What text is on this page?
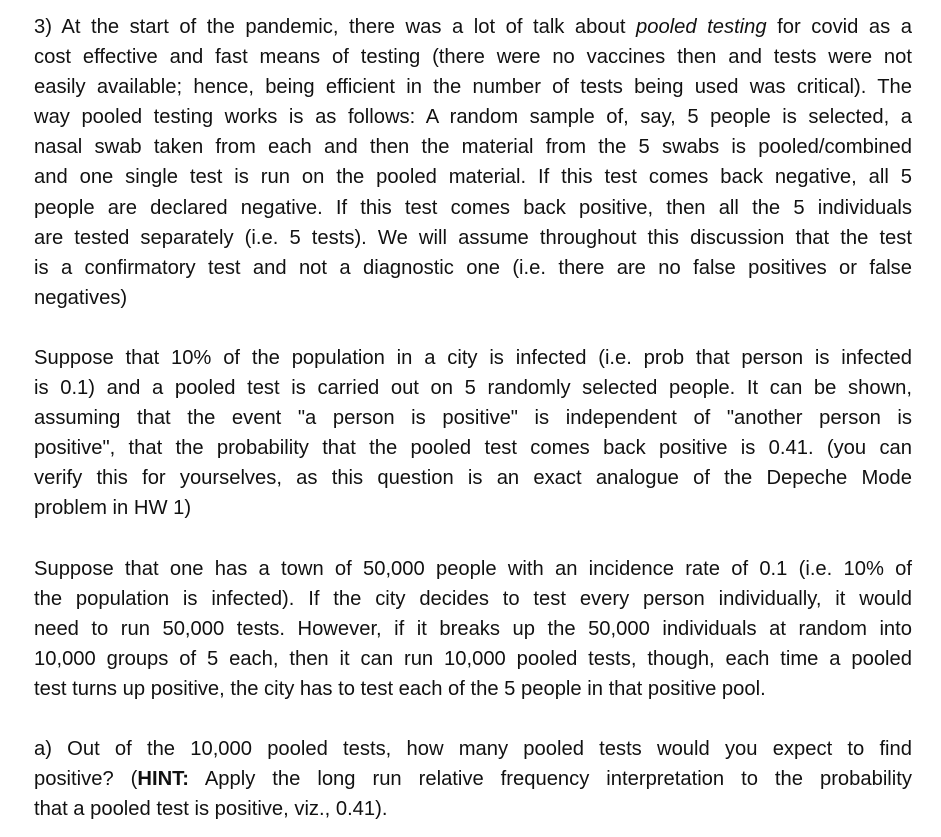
3) At the start of the pandemic, there was a lot of talk about pooled testing for covid as a
cost effective and fast means of testing (there were no vaccines then and tests were not
easily available; hence, being efficient in the number of tests being used was critical). The
way pooled testing works is as follows: A random sample of, say, 5 people is selected, a
nasal swab taken from each and then the material from the 5 swabs is pooled/combined
and one single test is run on the pooled material. If this test comes back negative, all 5
people are declared negative. If this test comes back positive, then all the 5 individuals
are tested separately (i.e. 5 tests). We will assume throughout this discussion that the test
is a confirmatory test and not a diagnostic one (i.e. there are no false positives or false
negatives)

Suppose that 10% of the population in a city is infected (i.e. prob that person is infected
is 0.1) and a pooled test is carried out on 5 randomly selected people. It can be shown,
assuming that the event "a person is positive" is independent of "another person is
positive", that the probability that the pooled test comes back positive is 0.41. (you can
verify this for yourselves, as this question is an exact analogue of the Depeche Mode
problem in HW 1)

Suppose that one has a town of 50,000 people with an incidence rate of 0.1 (i.e. 10% of
the population is infected). If the city decides to test every person individually, it would
need to run 50,000 tests. However, if it breaks up the 50,000 individuals at random into
10,000 groups of 5 each, then it can run 10,000 pooled tests, though, each time a pooled
test turns up positive, the city has to test each of the 5 people in that positive pool.

a) Out of the 10,000 pooled tests, how many pooled tests would you expect to find
positive? (HINT: Apply the long run relative frequency interpretation to the probability
that a pooled test is positive, viz., 0.41).
